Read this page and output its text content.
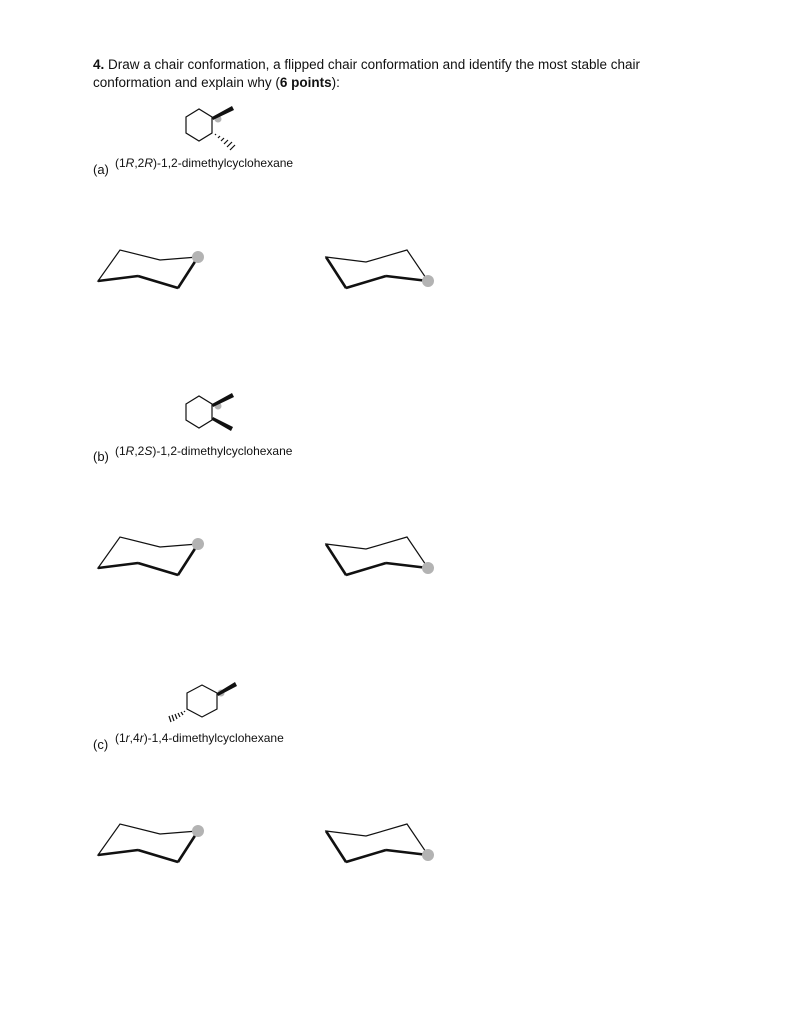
4. Draw a chair conformation, a flipped chair conformation and identify the most stable chair conformation and explain why (6 points):
(a) (1R,2R)-1,2-dimethylcyclohexane
(b) (1R,2S)-1,2-dimethylcyclohexane
(c) (1r,4r)-1,4-dimethylcyclohexane
